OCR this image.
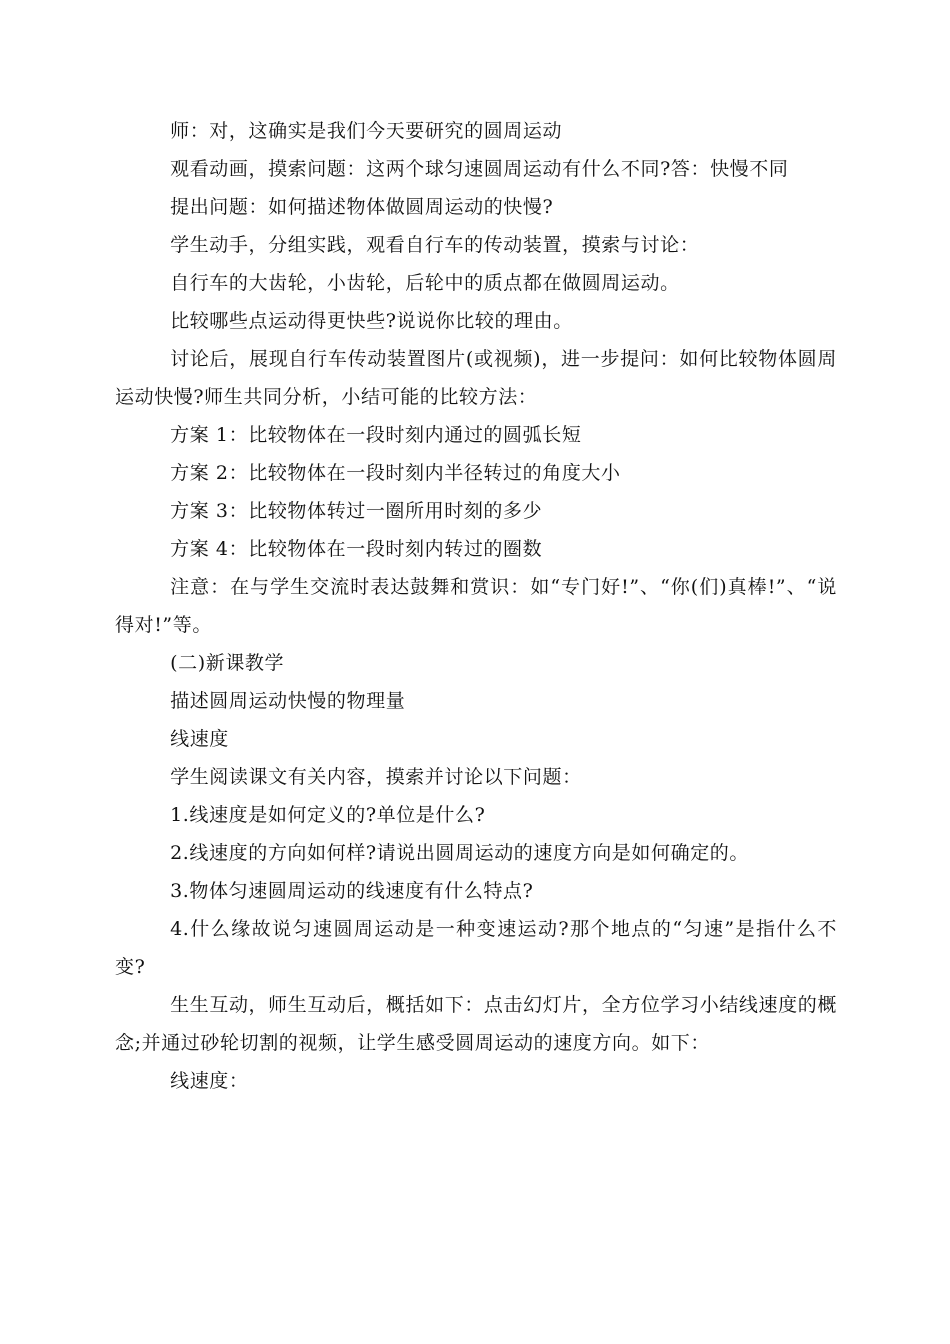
师：对，这确实是我们今天要研究的圆周运动

观看动画，摸索问题：这两个球匀速圆周运动有什么不同?答：快慢不同

提出问题：如何描述物体做圆周运动的快慢?

学生动手，分组实践，观看自行车的传动装置，摸索与讨论：

自行车的大齿轮，小齿轮，后轮中的质点都在做圆周运动。

比较哪些点运动得更快些?说说你比较的理由。

讨论后，展现自行车传动装置图片(或视频)，进一步提问：如何比较物体圆周运动快慢?师生共同分析，小结可能的比较方法：

方案 1：比较物体在一段时刻内通过的圆弧长短

方案 2：比较物体在一段时刻内半径转过的角度大小

方案 3：比较物体转过一圈所用时刻的多少

方案 4：比较物体在一段时刻内转过的圈数

注意：在与学生交流时表达鼓舞和赏识：如“专门好!”、“你(们)真棒!”、“说得对!”等。

(二)新课教学

描述圆周运动快慢的物理量

线速度

学生阅读课文有关内容，摸索并讨论以下问题：

1.线速度是如何定义的?单位是什么?

2.线速度的方向如何样?请说出圆周运动的速度方向是如何确定的。

3.物体匀速圆周运动的线速度有什么特点?

4.什么缘故说匀速圆周运动是一种变速运动?那个地点的“匀速”是指什么不变?

生生互动，师生互动后，概括如下：点击幻灯片，全方位学习小结线速度的概念;并通过砂轮切割的视频，让学生感受圆周运动的速度方向。如下：

线速度：
